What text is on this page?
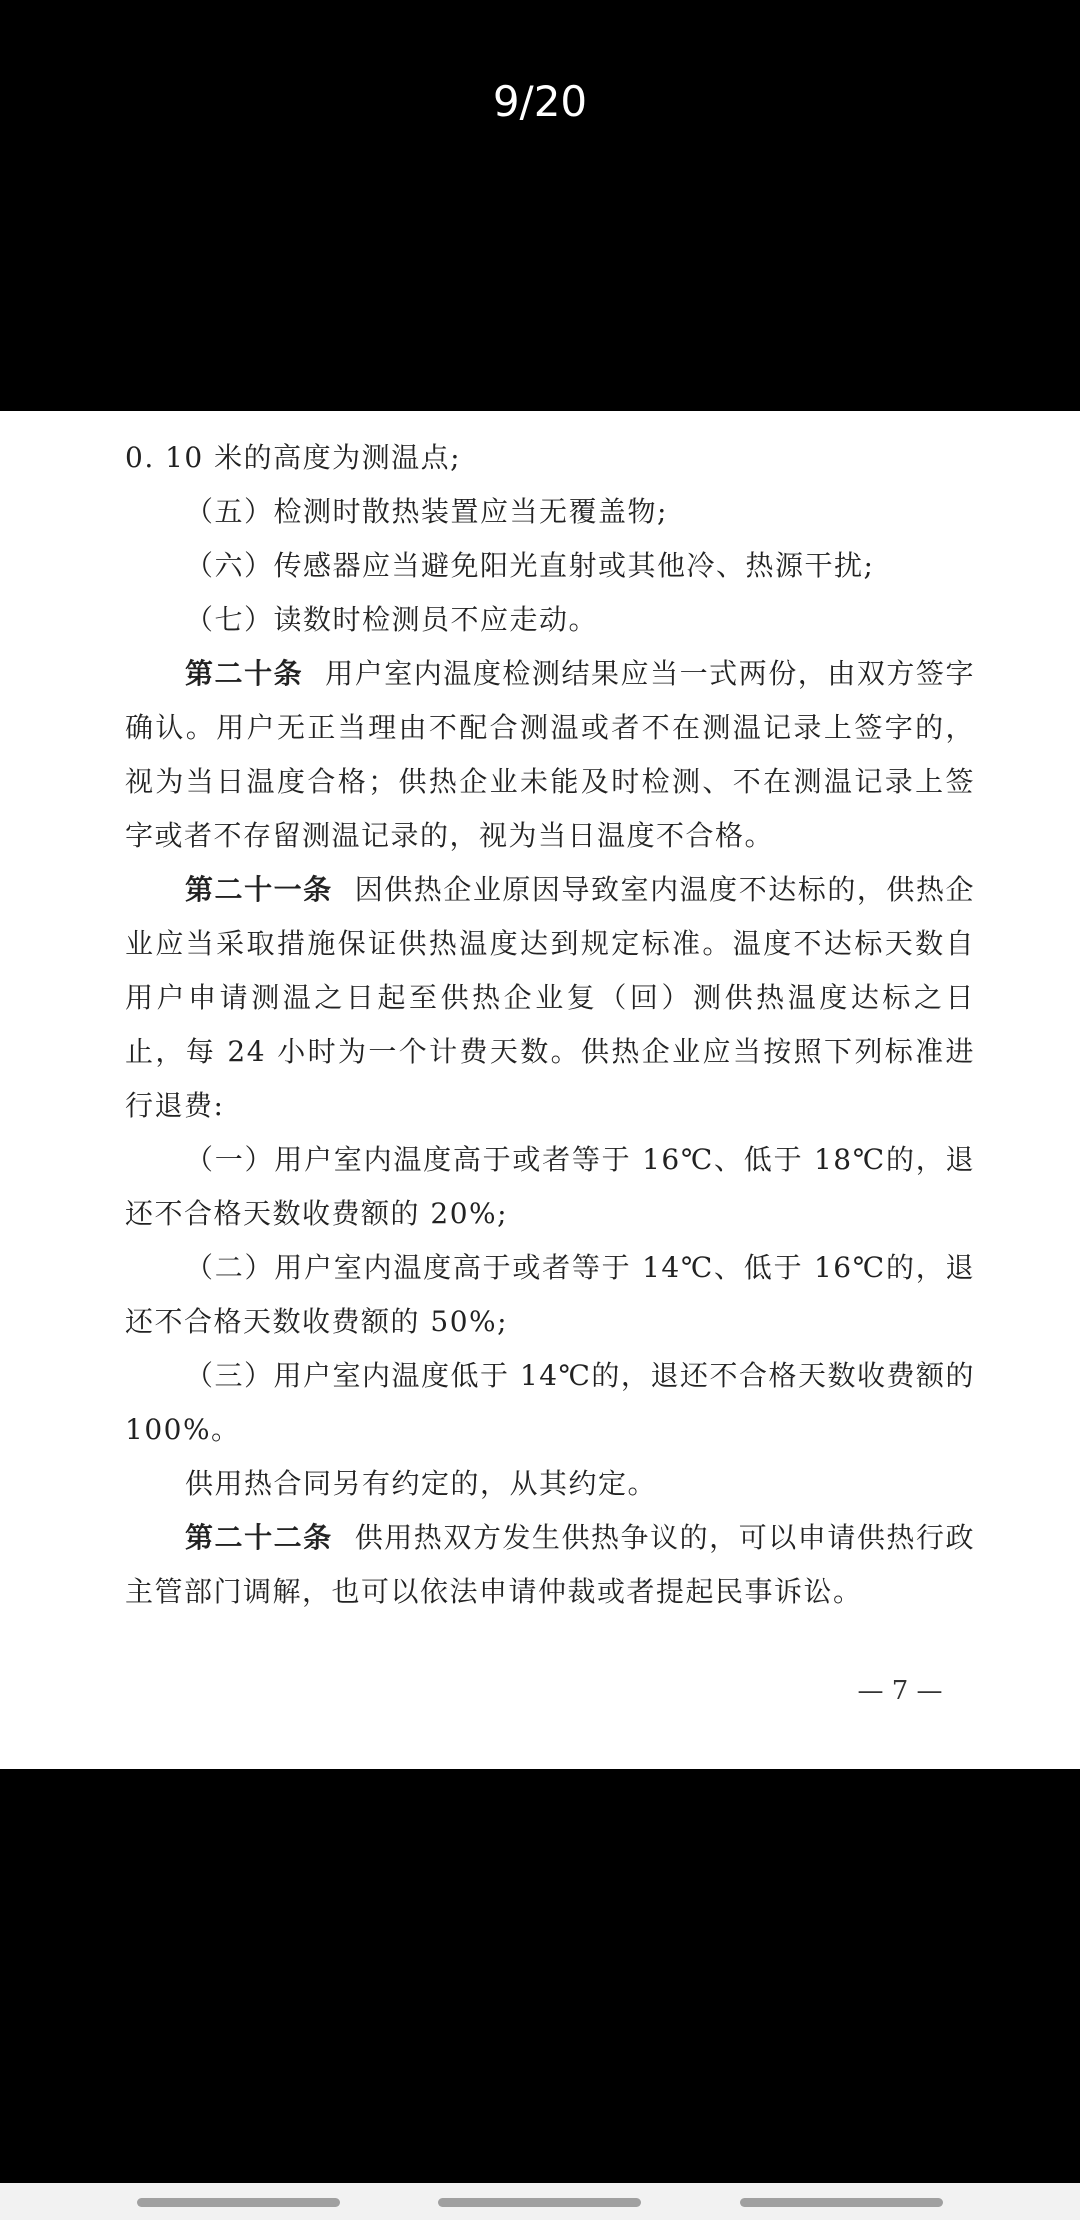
9/20

0. 10 米的高度为测温点;

（五）检测时散热装置应当无覆盖物;

（六）传感器应当避免阳光直射或其他冷、热源干扰;

（七）读数时检测员不应走动。

第二十条 用户室内温度检测结果应当一式两份，由双方签字确认。用户无正当理由不配合测温或者不在测温记录上签字的，视为当日温度合格；供热企业未能及时检测、不在测温记录上签字或者不存留测温记录的，视为当日温度不合格。

第二十一条 因供热企业原因导致室内温度不达标的，供热企业应当采取措施保证供热温度达到规定标准。温度不达标天数自用户申请测温之日起至供热企业复（回）测供热温度达标之日止，每 24 小时为一个计费天数。供热企业应当按照下列标准进行退费:

（一）用户室内温度高于或者等于 16℃、低于 18℃的，退还不合格天数收费额的 20%;

（二）用户室内温度高于或者等于 14℃、低于 16℃的，退还不合格天数收费额的 50%;

（三）用户室内温度低于 14℃的，退还不合格天数收费额的 100%。

供用热合同另有约定的，从其约定。

第二十二条 供用热双方发生供热争议的，可以申请供热行政主管部门调解，也可以依法申请仲裁或者提起民事诉讼。

— 7 —
